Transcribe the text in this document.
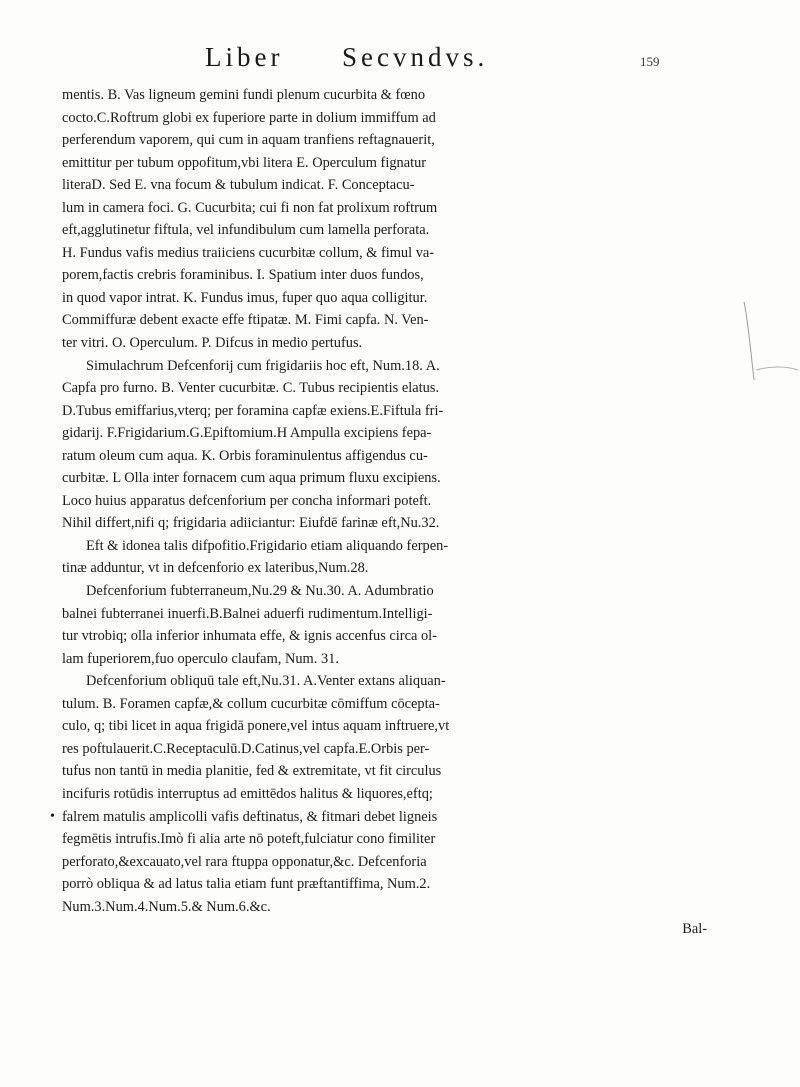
Liber Secvndvs.	159
mentis. B. Vas ligneum gemini fundi plenum cucurbita & fœno
cocto.C.Roftrum globi ex fuperiore parte in dolium immiffum ad
perferendum vaporem, qui cum in aquam tranfiens reftagnauerit,
emittitur per tubum oppofitum,vbi litera E. Operculum fignatur
literaD. Sed E. vna focum & tubulum indicat. F. Conceptacu-
lum in camera foci. G. Cucurbita; cui fi non fat prolixum roftrum
eft,agglutinetur fiftula, vel infundibulum cum lamella perforata.
H. Fundus vafis medius traiiciens cucurbitæ collum, & fimul va-
porem,factis crebris foraminibus. I. Spatium inter duos fundos,
in quod vapor intrat. K. Fundus imus, fuper quo aqua colligitur.
Commiffuræ debent exacte effe ftipatæ. M. Fimi capfa. N. Ven-
ter vitri. O. Operculum. P. Difcus in medio pertufus.
Simulachrum Defcenforij cum frigidariis hoc eft, Num.18. A.
Capfa pro furno. B. Venter cucurbitæ. C. Tubus recipientis elatus.
D.Tubus emiffarius,vterq; per foramina capfæ exiens.E.Fiftula fri-
gidarij. F.Frigidarium.G.Epiftomium.H Ampulla excipiens fepa-
ratum oleum cum aqua. K. Orbis foraminulentus affigendus cu-
curbitæ. L Olla inter fornacem cum aqua primum fluxu excipiens.
Loco huius apparatus defcenforium per concha informari poteft.
Nihil differt,nifi q; frigidaria adiiciantur: Eiufdē farinæ eft,Nu.32.
Eft & idonea talis difpofitio.Frigidario etiam aliquando ferpen-
tinæ adduntur, vt in defcenforio ex lateribus,Num.28.
Defcenforium fubterraneum,Nu.29 & Nu.30. A. Adumbratio
balnei fubterranei inuerfi.B.Balnei aduerfi rudimentum.Intelligi-
tur vtrobiq; olla inferior inhumata effe, & ignis accenfus circa ol-
lam fuperiorem,fuo operculo claufam, Num. 31.
Defcenforium obliquū tale eft,Nu.31. A.Venter extans aliquan-
tulum. B. Foramen capfæ,& collum cucurbitæ cōmiffum cōcepta-
culo, q; tibi licet in aqua frigidā ponere,vel intus aquam inftruere,vt
res poftulauerit.C.Receptaculū.D.Catinus,vel capfa.E.Orbis per-
tufus non tantū in media planitie, fed & extremitate, vt fit circulus
incifuris rotūdis interruptus ad emittēdos halitus & liquores,eftq;
• falrem matulis amplicolli vafis deftinatus, & fitmari debet ligneis
fegmētis intrufis.Imò fi alia arte nō poteft,fulciatur cono fimiliter
perforato,&excauato,vel rara ftuppa opponatur,&c. Defcenforia
porrò obliqua & ad latus talia etiam funt præftantiffima, Num.2.
Num.3.Num.4.Num.5.& Num.6.&c.
Bal-
